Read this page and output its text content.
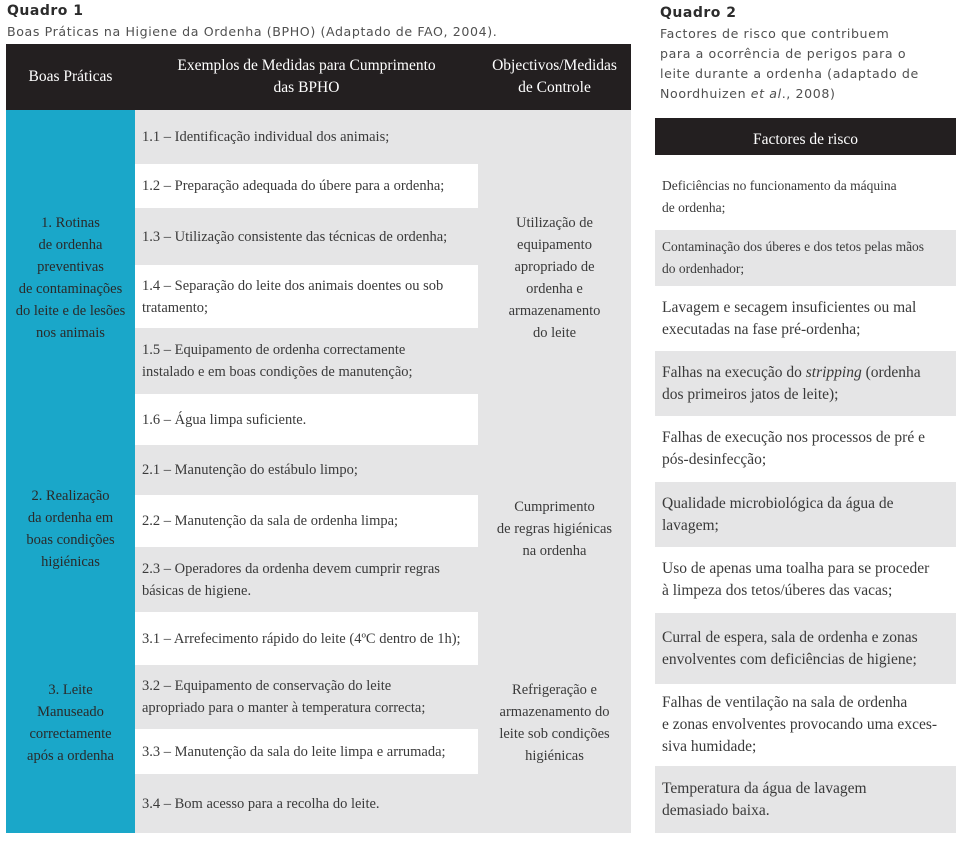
Quadro 1
Boas Práticas na Higiene da Ordenha (BPHO) (Adaptado de FAO, 2004).
Boas Práticas
Exemplos de Medidas para Cumprimento
das BPHO
Objectivos/Medidas
de Controle
1. Rotinas
de ordenha
preventivas
de contaminações
do leite e de lesões
nos animais
2. Realização
da ordenha em
boas condições
higiénicas
3. Leite
Manuseado
correctamente
após a ordenha
1.1 – Identificação individual dos animais;
1.2 – Preparação adequada do úbere para a ordenha;
1.3 – Utilização consistente das técnicas de ordenha;
1.4 – Separação do leite dos animais doentes ou sob
tratamento;
1.5 – Equipamento de ordenha correctamente
instalado e em boas condições de manutenção;
1.6 – Água limpa suficiente.
2.1 – Manutenção do estábulo limpo;
2.2 – Manutenção da sala de ordenha limpa;
2.3 – Operadores da ordenha devem cumprir regras
básicas de higiene.
3.1 – Arrefecimento rápido do leite (4ºC dentro de 1h);
3.2 – Equipamento de conservação do leite
apropriado para o manter à temperatura correcta;
3.3 – Manutenção da sala do leite limpa e arrumada;
3.4 – Bom acesso para a recolha do leite.
Utilização de
equipamento
apropriado de
ordenha e
armazenamento
do leite
Cumprimento
de regras higiénicas
na ordenha
Refrigeração e
armazenamento do
leite sob condições
higiénicas
Quadro 2
Factores de risco que contribuem
para a ocorrência de perigos para o
leite durante a ordenha (adaptado de
Noordhuizen et al., 2008)
Factores de risco
Deficiências no funcionamento da máquina
de ordenha;
Contaminação dos úberes e dos tetos pelas mãos
do ordenhador;
Lavagem e secagem insuficientes ou mal
executadas na fase pré-ordenha;
Falhas na execução do stripping (ordenha
dos primeiros jatos de leite);
Falhas de execução nos processos de pré e
pós-desinfecção;
Qualidade microbiológica da água de
lavagem;
Uso de apenas uma toalha para se proceder
à limpeza dos tetos/úberes das vacas;
Curral de espera, sala de ordenha e zonas
envolventes com deficiências de higiene;
Falhas de ventilação na sala de ordenha
e zonas envolventes provocando uma exces-
siva humidade;
Temperatura da água de lavagem
demasiado baixa.
